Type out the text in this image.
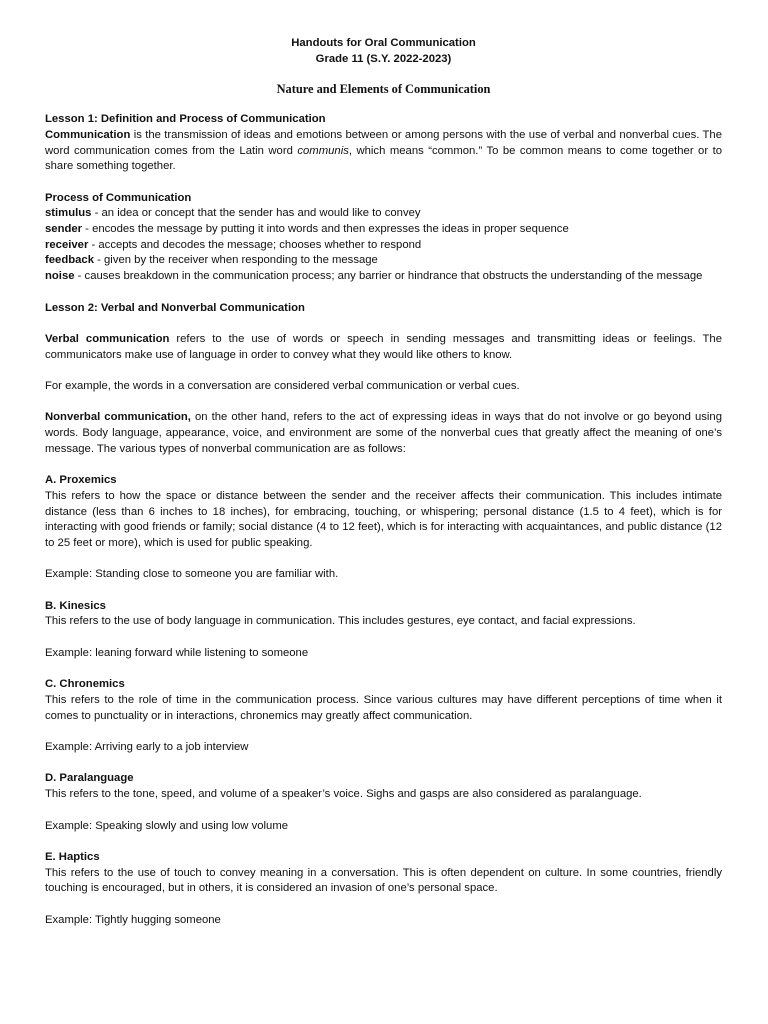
Handouts for Oral Communication
Grade 11 (S.Y. 2022-2023)
Nature and Elements of Communication
Lesson 1: Definition and Process of Communication
Communication is the transmission of ideas and emotions between or among persons with the use of verbal and nonverbal cues. The word communication comes from the Latin word communis, which means “common.” To be common means to come together or to share something together.
Process of Communication
stimulus - an idea or concept that the sender has and would like to convey
sender - encodes the message by putting it into words and then expresses the ideas in proper sequence
receiver - accepts and decodes the message; chooses whether to respond
feedback - given by the receiver when responding to the message
noise - causes breakdown in the communication process; any barrier or hindrance that obstructs the understanding of the message
Lesson 2: Verbal and Nonverbal Communication
Verbal communication refers to the use of words or speech in sending messages and transmitting ideas or feelings. The communicators make use of language in order to convey what they would like others to know.
For example, the words in a conversation are considered verbal communication or verbal cues.
Nonverbal communication, on the other hand, refers to the act of expressing ideas in ways that do not involve or go beyond using words. Body language, appearance, voice, and environment are some of the nonverbal cues that greatly affect the meaning of one’s message. The various types of nonverbal communication are as follows:
A. Proxemics
This refers to how the space or distance between the sender and the receiver affects their communication. This includes intimate distance (less than 6 inches to 18 inches), for embracing, touching, or whispering; personal distance (1.5 to 4 feet), which is for interacting with good friends or family; social distance (4 to 12 feet), which is for interacting with acquaintances, and public distance (12 to 25 feet or more), which is used for public speaking.
Example: Standing close to someone you are familiar with.
B. Kinesics
This refers to the use of body language in communication. This includes gestures, eye contact, and facial expressions.
Example: leaning forward while listening to someone
C. Chronemics
This refers to the role of time in the communication process. Since various cultures may have different perceptions of time when it comes to punctuality or in interactions, chronemics may greatly affect communication.
Example: Arriving early to a job interview
D. Paralanguage
This refers to the tone, speed, and volume of a speaker’s voice. Sighs and gasps are also considered as paralanguage.
Example: Speaking slowly and using low volume
E. Haptics
This refers to the use of touch to convey meaning in a conversation. This is often dependent on culture. In some countries, friendly touching is encouraged, but in others, it is considered an invasion of one’s personal space.
Example: Tightly hugging someone
